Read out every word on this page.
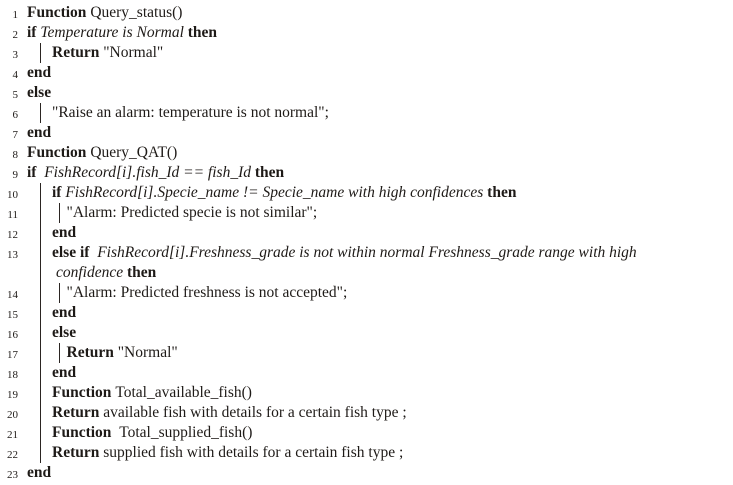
1 Function Query_status()
2 if Temperature is Normal then
3 Return "Normal"
4 end
5 else
6 "Raise an alarm: temperature is not normal";
7 end
8 Function Query_QAT()
9 if  FishRecord[i].fish_Id == fish_Id then
10 if FishRecord[i].Specie_name != Specie_name with high confidences then
11	"Alarm: Predicted specie is not similar";
12 end
13 else if  FishRecord[i].Freshness_grade is not within normal Freshness_grade range with high
confidence then
14	"Alarm: Predicted freshness is not accepted";
15 end
16 else
17	Return "Normal"
18 end
19 Function Total_available_fish()
20 Return available fish with details for a certain fish type ;
21 Function  Total_supplied_fish()
22 Return supplied fish with details for a certain fish type ;
23 end
